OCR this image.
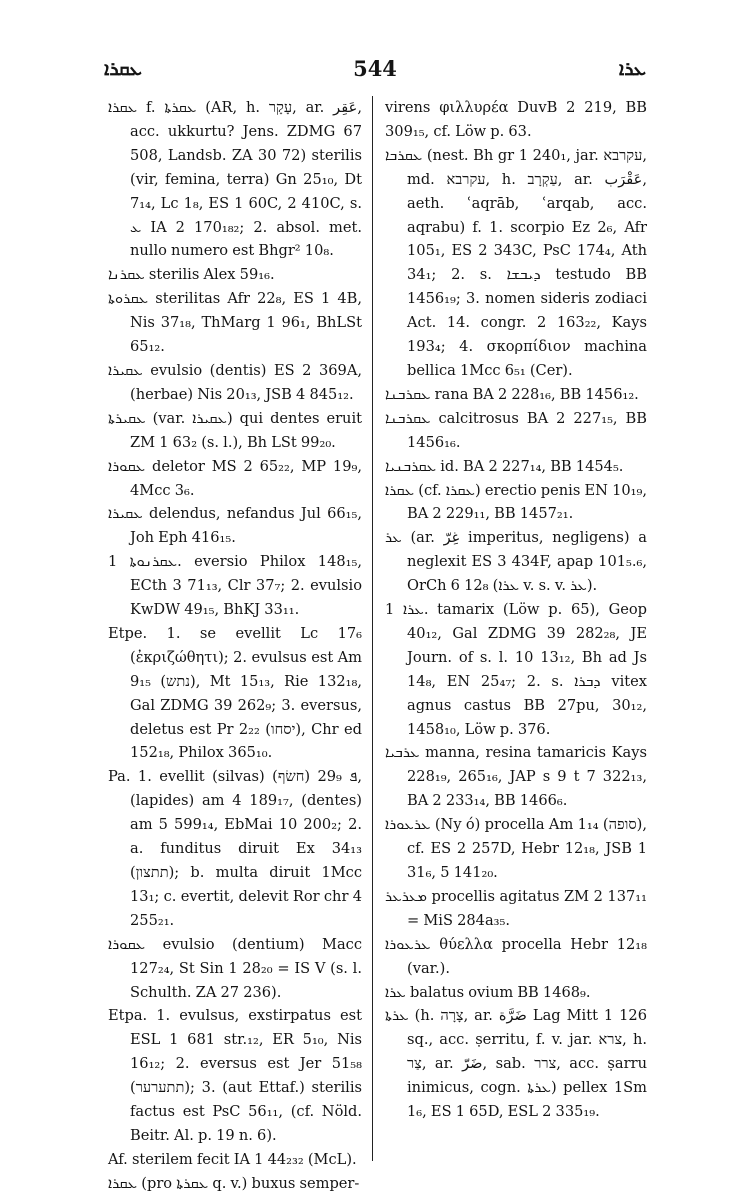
ܥܩܪܐ	544	ܥܪܐ

ܥܩܪܐ f. ܥܩܪܬܐ (AR, h. עָקָר, ar. عَقِر, acc. ukkurtu? Jens. ZDMG 67 508, Landsb. ZA 30 72) sterilis (vir, femina, terra) Gn 25₁₀, Dt 7₁₄, Lc 1₈, ES 1 60C, 2 410C, s. ܥ IA 2 170₁₈₂; 2. absol. met. nullo numero est Bhgr² 10₈.

ܥܩܪܢܐ sterilis Alex 59₁₆.

ܥܩܪܘܬܐ sterilitas Afr 22₈, ES 1 4B, Nis 37₁₈, ThMarg 1 96₁, BhLSt 65₁₂.

ܥܩܝܪܐ evulsio (dentis) ES 2 369A, (herbae) Nis 20₁₃, JSB 4 845₁₂.

ܥܩܝܪܬܐ (var. ܥܩܝܪܐ) qui dentes eruit ZM 1 63₂ (s. l.), Bh LSt 99₂₀.

ܥܩܘܪܐ deletor MS 2 65₂₂, MP 19₉, 4Mcc 3₆.

ܥܩܝܪܐ delendus, nefandus Jul 66₁₅, Joh Eph 416₁₅.

ܥܩܪܢܘܬܐ 1. eversio Philox 148₁₅, ECth 3 71₁₃, Clr 37₇; 2. evulsio KwDW 49₁₅, BhKJ 33₁₁.

Etpe. 1. se evellit Lc 17₆ (ἐκριζώθητι); 2. evulsus est Am 9₁₅ (נתש), Mt 15₁₃, Rie 132₁₈, Gal ZDMG 39 262₉; 3. eversus, deletus est Pr 2₂₂ (יסחו), Chr ed 152₁₈, Philox 365₁₀.

Pa. 1. evellit (silvas) ܦ 29₉ (חשׂף), (lapides) am 4 189₁₇, (dentes) am 5 599₁₄, EbMai 10 200₂; 2. a. funditus diruit Ex 34₁₃ (תתצון); b. multa diruit 1Mcc 13₁; c. evertit, delevit Ror chr 4 255₂₁.

ܥܩܘܪܐ evulsio (dentium) Macc 127₂₄, St Sin 1 28₂₀ = IS V (s. l. Schulth. ZA 27 236).

Etpa. 1. evulsus, exstirpatus est ESL 1 681 str.₁₂, ER 5₁₀, Nis 16₁₂; 2. eversus est Jer 51₅₈ (תתערער); 3. (aut Ettaf.) sterilis factus est PsC 56₁₁, (cf. Nöld. Beitr. Al. p. 19 n. 6).

Af. sterilem fecit IA 1 44₂₃₂ (McL).

ܥܩܪܐ (pro ܥܩܪܬܐ q. v.) buxus semper-

virens φιλλυρέα DuvB 2 219, BB 309₁₅, cf. Löw p. 63.

ܥܩܪܒܐ (nest. Bh gr 1 240₁, jar. עקרבא, md. עקרבא, h. עַקְרָב, ar. عَقْرَب, aeth. ʿaqrāb, ʿarqab, acc. aqrabu) f. 1. scorpio Ez 2₆, Afr 105₁, ES 2 343C, PsC 174₄, Ath 34₁; 2. s. ܕܝܒܫܐ testudo BB 1456₁₉; 3. nomen sideris zodiaci Act. 14. congr. 2 163₂₂, Kays 193₄; 4. σκορπίδιον machina bellica 1Mcc 6₅₁ (Cer).

ܥܩܪܒܢܐ rana BA 2 228₁₆, BB 1456₁₂.

ܥܩܪܒܢܐ calcitrosus BA 2 227₁₅, BB 1456₁₆.

ܥܩܪܒܢܝܐ id. BA 2 227₁₄, BB 1454₅.

ܥܩܪܐ (cf. ܥܩܪܐ) erectio penis EN 10₁₉, BA 2 229₁₁, BB 1457₂₁.

ܥܪ (ar. غِرّ imperitus, negligens) a neglexit ES 3 434F, apap 101₅.₆, OrCh 6 12₈ (ܥܪܐ v. s. v. ܥܪ).

ܥܪܐ 1. tamarix (Löw p. 65), Geop 40₁₂, Gal ZDMG 39 282₂₈, JE Journ. of s. l. 10 13₁₂, Bh ad Js 14₈, EN 25₄₇; 2. s. ܕܒܪܐ vitex agnus castus BB 27pu, 30₁₂, 1458₁₀, Löw p. 376.

ܥܪܒܝܐ manna, resina tamaricis Kays 228₁₉, 265₁₆, JAP s 9 t 7 322₁₃, BA 2 233₁₄, BB 1466₆.

ܥܪܥܘܪܐ (Ny ó) procella Am 1₁₄ (סופה), cf. ES 2 257D, Hebr 12₁₈, JSB 1 31₆, 5 141₂₀.

ܡܥܪܥܪ procellis agitatus ZM 2 137₁₁ = MiS 284a₃₅.

ܥܪܥܘܪܐ θύελλα procella Hebr 12₁₈ (var.).

ܥܪܐ balatus ovium BB 1468₉.

ܥܪܬܐ (h. צָרָה, ar. ضَرَّة Lag Mitt 1 126 sq., acc. ṣerritu, f. v. jar. צרא, h. צַר, ar. ضَرّ, sab. צרר, acc. ṣarru inimicus, cogn. ܥܪܬܐ) pellex 1Sm 1₆, ES 1 65D, ESL 2 335₁₉.
